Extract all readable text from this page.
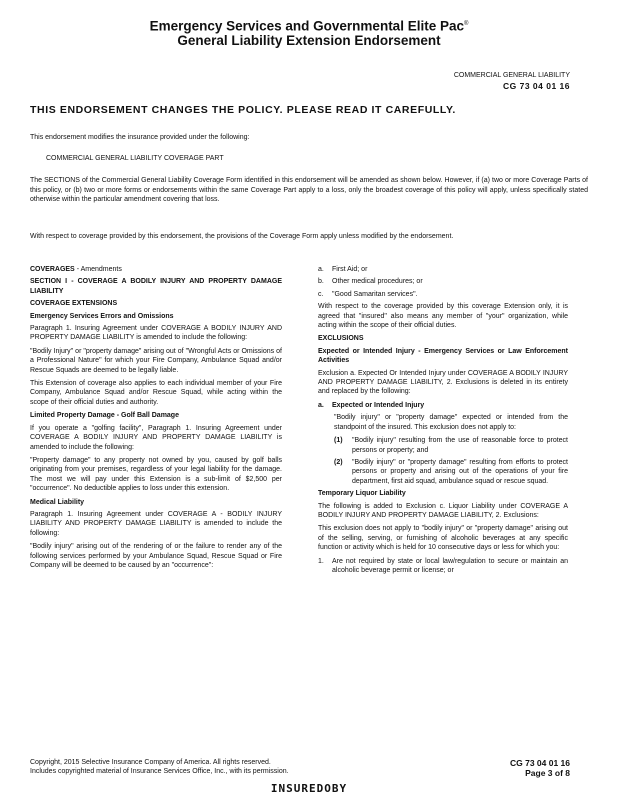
Emergency Services and Governmental Elite Pac®
General Liability Extension Endorsement
COMMERCIAL GENERAL LIABILITY
CG 73 04 01 16
THIS ENDORSEMENT CHANGES THE POLICY. PLEASE READ IT CAREFULLY.
This endorsement modifies the insurance provided under the following:
COMMERCIAL GENERAL LIABILITY COVERAGE PART
The SECTIONS of the Commercial General Liability Coverage Form identified in this endorsement will be amended as shown below. However, if (a) two or more Coverage Parts of this policy, or (b) two or more forms or endorsements within the same Coverage Part apply to a loss, only the broadest coverage of this policy will apply, unless specifically stated otherwise within the particular amendment covering that loss.
With respect to coverage provided by this endorsement, the provisions of the Coverage Form apply unless modified by the endorsement.

COVERAGES - Amendments

SECTION I - COVERAGE A BODILY INJURY AND PROPERTY DAMAGE LIABILITY

COVERAGE EXTENSIONS

Emergency Services Errors and Omissions

Paragraph 1. Insuring Agreement under COVERAGE A BODILY INJURY AND PROPERTY DAMAGE LIABILITY is amended to include the following:

"Bodily Injury" or "property damage" arising out of "Wrongful Acts or Omissions of a Professional Nature" for which your Fire Company, Ambulance Squad and/or Rescue Squads are deemed to be legally liable.

This Extension of coverage also applies to each individual member of your Fire Company, Ambulance Squad and/or Rescue Squad, while acting within the scope of their official duties and authority.

Limited Property Damage - Golf Ball Damage

If you operate a "golfing facility", Paragraph 1. Insuring Agreement under COVERAGE A BODILY INJURY AND PROPERTY DAMAGE LIABILITY is amended to include the following:

"Property damage" to any property not owned by you, caused by golf balls originating from your premises, regardless of your legal liability for the damage. The most we will pay under this Extension is a sub-limit of $2,500 per "occurrence". No deductible applies to loss under this extension.

Medical Liability

Paragraph 1. Insuring Agreement under COVERAGE A - BODILY INJURY LIABILITY AND PROPERTY DAMAGE LIABILITY is amended to include the following:

"Bodily injury" arising out of the rendering of or the failure to render any of the following services performed by your Ambulance Squad, Rescue Squad or Fire Company will be deemed to be caused by an "occurrence":

a.	First Aid; or
b.	Other medical procedures; or
c.	"Good Samaritan services".

With respect to the coverage provided by this coverage Extension only, it is agreed that "insured" also means any member of "your" organization, while acting within the scope of their official duties.

EXCLUSIONS

Expected or Intended Injury - Emergency Services or Law Enforcement Activities

Exclusion a. Expected Or Intended Injury under COVERAGE A BODILY INJURY AND PROPERTY DAMAGE LIABILITY, 2. Exclusions is deleted in its entirety and replaced by the following:

a.	Expected or Intended Injury

"Bodily injury" or "property damage" expected or intended from the standpoint of the insured. This exclusion does not apply to:

(1)	"Bodily injury" resulting from the use of reasonable force to protect persons or property; and
(2)	"Bodily injury" or "property damage" resulting from efforts to protect persons or property and arising out of the operations of your fire department, first aid squad, ambulance squad or rescue squad.

Temporary Liquor Liability

The following is added to Exclusion c. Liquor Liability under COVERAGE A BODILY INJURY AND PROPERTY DAMAGE LIABILITY, 2. Exclusions:

This exclusion does not apply to "bodily injury" or "property damage" arising out of the selling, serving, or furnishing of alcoholic beverages at any specific function or activity which is held for 10 consecutive days or less for which you:

1.	Are not required by state or local law/regulation to secure or maintain an alcoholic beverage permit or license; or
Copyright, 2015 Selective Insurance Company of America. All rights reserved.
Includes copyrighted material of Insurance Services Office, Inc., with its permission.
CG 73 04 01 16
Page 3 of 8
INSUREDOBY
